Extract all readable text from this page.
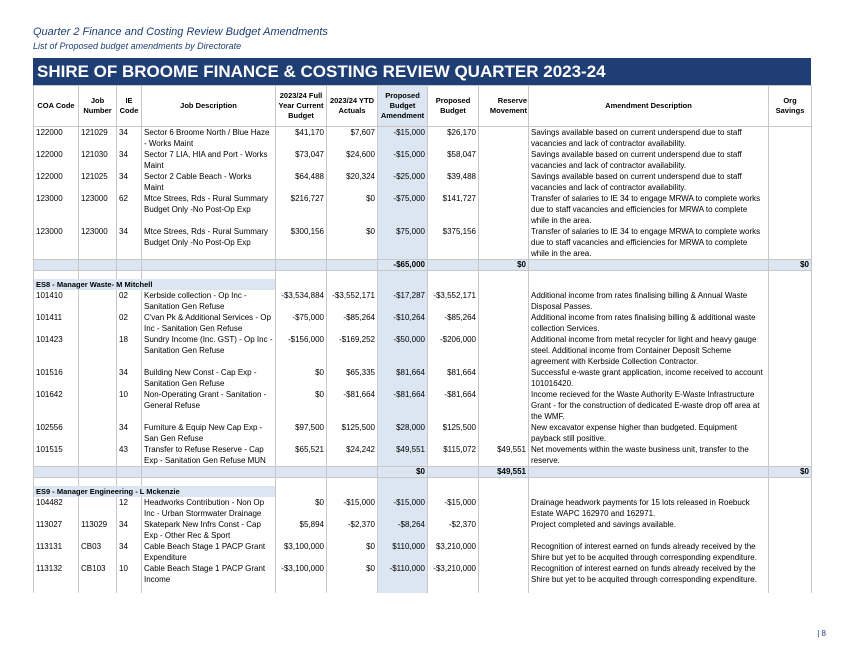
Quarter 2 Finance and Costing Review Budget Amendments
List of Proposed budget amendments by Directorate
SHIRE OF BROOME FINANCE & COSTING REVIEW QUARTER 2023-24
COA Code	Job Number	IE Code	Job Description	2023/24 Full Year Current Budget	2023/24 YTD Actuals	Proposed Budget Amendment	Proposed Budget	Reserve Movement	Amendment Description	Org Savings
122000	121029	34	Sector 6 Broome North / Blue Haze - Works Maint	$41,170	$7,607	-$15,000	$26,170		Savings available based on current underspend due to staff vacancies and lack of contractor availability.	
122000	121030	34	Sector 7 LIA, HIA and Port - Works Maint	$73,047	$24,600	-$15,000	$58,047		Savings available based on current underspend due to staff vacancies and lack of contractor availability.	
122000	121025	34	Sector 2 Cable Beach - Works Maint	$64,488	$20,324	-$25,000	$39,488		Savings available based on current underspend due to staff vacancies and lack of contractor availability.	
123000	123000	62	Mtce Strees, Rds - Rural Summary Budget Only -No Post-Op Exp	$216,727	$0	-$75,000	$141,727		Transfer of salaries to IE 34 to engage MRWA to complete works due to staff vacancies and efficiencies for MRWA to complete while in the area.	
123000	123000	34	Mtce Strees, Rds - Rural Summary Budget Only -No Post-Op Exp	$300,156	$0	$75,000	$375,156		Transfer of salaries to IE 34 to engage MRWA to complete works due to staff vacancies and efficiencies for MRWA to complete while in the area.	
						-$65,000		$0		$0

ES8 - Manager Waste- M Mitchell										
101410		02	Kerbside collection - Op Inc - Sanitation Gen Refuse	-$3,534,884	-$3,552,171	-$17,287	-$3,552,171		Additional income from rates finalising billing & Annual Waste Disposal Passes.	
101411		02	C'van Pk & Additional Services - Op Inc - Sanitation Gen Refuse	-$75,000	-$85,264	-$10,264	-$85,264		Additional income from rates finalising billing & additional waste collection Services.	
101423		18	Sundry Income (Inc. GST) - Op Inc - Sanitation Gen Refuse	-$156,000	-$169,252	-$50,000	-$206,000		Additional income from metal recycler for light and heavy gauge steel. Additional income from Container Deposit Scheme agreement with Kerbside Collection Contractor.	
101516		34	Building New Const - Cap Exp - Sanitation Gen Refuse	$0	$65,335	$81,664	$81,664		Successful e-waste grant application, income received to account 101016420.	
101642		10	Non-Operating Grant - Sanitation - General Refuse	$0	-$81,664	-$81,664	-$81,664		Income recieved for the Waste Authority E-Waste Infrastructure Grant - for the construction of dedicated E-waste drop off area at the WMF.	
102556		34	Furniture & Equip New Cap Exp - San Gen Refuse	$97,500	$125,500	$28,000	$125,500		New excavator expense higher than budgeted. Equipment payback still positive.	
101515		43	Transfer to Refuse Reserve - Cap Exp - Sanitation Gen Refuse MUN	$65,521	$24,242	$49,551	$115,072	$49,551	Net movements within the waste business unit, transfer to the reserve.	
						$0		$49,551		$0

ES9 - Manager Engineering - L Mckenzie										
104482		12	Headworks Contribution - Non Op Inc - Urban Stormwater Drainage	$0	-$15,000	-$15,000	-$15,000		Drainage headwork payments for 15 lots released in Roebuck Estate WAPC 162970 and 162971.	
113027	113029	34	Skatepark New Infrs Const - Cap Exp - Other Rec & Sport	$5,894	-$2,370	-$8,264	-$2,370		Project completed and savings available.	
113131	CB03	34	Cable Beach Stage 1 PACP Grant Expenditure	$3,100,000	$0	$110,000	$3,210,000		Recognition of interest earned on funds already received by the Shire but yet to be acquited through corresponding expenditure.	
113132	CB103	10	Cable Beach Stage 1 PACP Grant Income	-$3,100,000	$0	-$110,000	-$3,210,000		Recognition of interest earned on funds already received by the Shire but yet to be acquited through corresponding expenditure.	

| 8
